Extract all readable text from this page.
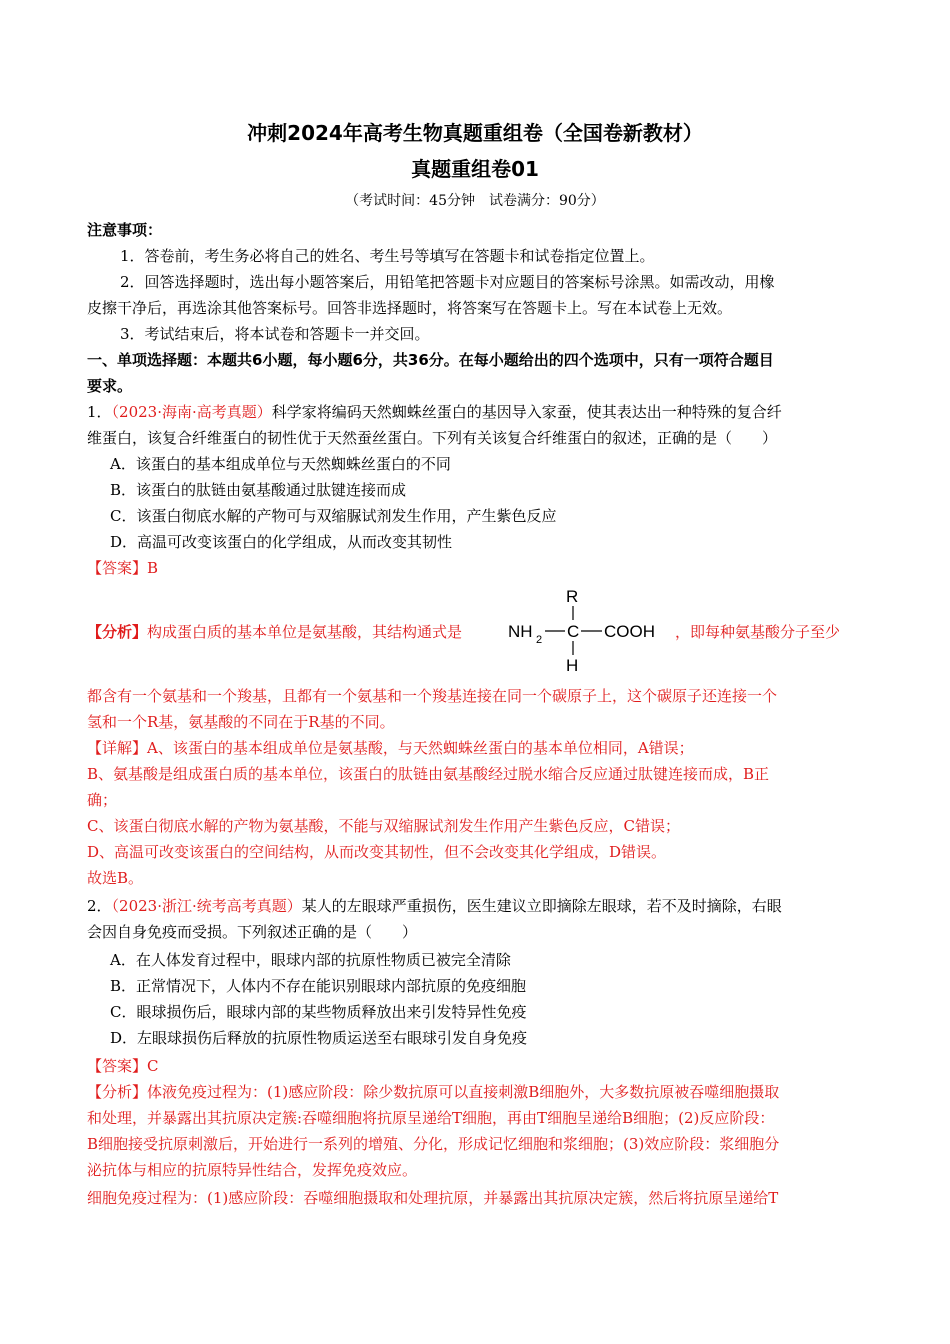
冲刺2024年高考生物真题重组卷（全国卷新教材）
真题重组卷01
（考试时间：45分钟　试卷满分：90分）
注意事项：
1．答卷前，考生务必将自己的姓名、考生号等填写在答题卡和试卷指定位置上。
2．回答选择题时，选出每小题答案后，用铅笔把答题卡对应题目的答案标号涂黑。如需改动，用橡
皮擦干净后，再选涂其他答案标号。回答非选择题时，将答案写在答题卡上。写在本试卷上无效。
3．考试结束后，将本试卷和答题卡一并交回。
一、单项选择题：本题共6小题，每小题6分，共36分。在每小题给出的四个选项中，只有一项符合题目
要求。
1．（2023·海南·高考真题）科学家将编码天然蜘蛛丝蛋白的基因导入家蚕，使其表达出一种特殊的复合纤
维蛋白，该复合纤维蛋白的韧性优于天然蚕丝蛋白。下列有关该复合纤维蛋白的叙述，正确的是（　　）
A．该蛋白的基本组成单位与天然蜘蛛丝蛋白的不同
B．该蛋白的肽链由氨基酸通过肽键连接而成
C．该蛋白彻底水解的产物可与双缩脲试剂发生作用，产生紫色反应
D．高温可改变该蛋白的化学组成，从而改变其韧性
【答案】B
【分析】构成蛋白质的基本单位是氨基酸，其结构通式是	，即每种氨基酸分子至少
R
NH 2 C COOH
H
都含有一个氨基和一个羧基，且都有一个氨基和一个羧基连接在同一个碳原子上，这个碳原子还连接一个
氢和一个R基，氨基酸的不同在于R基的不同。
【详解】A、该蛋白的基本组成单位是氨基酸，与天然蜘蛛丝蛋白的基本单位相同，A错误；
B、氨基酸是组成蛋白质的基本单位，该蛋白的肽链由氨基酸经过脱水缩合反应通过肽键连接而成，B正
确；
C、该蛋白彻底水解的产物为氨基酸，不能与双缩脲试剂发生作用产生紫色反应，C错误；
D、高温可改变该蛋白的空间结构，从而改变其韧性，但不会改变其化学组成，D错误。
故选B。
2．（2023·浙江·统考高考真题）某人的左眼球严重损伤，医生建议立即摘除左眼球，若不及时摘除，右眼
会因自身免疫而受损。下列叙述正确的是（　　）
A．在人体发育过程中，眼球内部的抗原性物质已被完全清除
B．正常情况下，人体内不存在能识别眼球内部抗原的免疫细胞
C．眼球损伤后，眼球内部的某些物质释放出来引发特异性免疫
D．左眼球损伤后释放的抗原性物质运送至右眼球引发自身免疫
【答案】C
【分析】体液免疫过程为：(1)感应阶段：除少数抗原可以直接刺激B细胞外，大多数抗原被吞噬细胞摄取
和处理，并暴露出其抗原决定簇:吞噬细胞将抗原呈递给T细胞，再由T细胞呈递给B细胞；(2)反应阶段：
B细胞接受抗原刺激后，开始进行一系列的增殖、分化，形成记忆细胞和浆细胞；(3)效应阶段：浆细胞分
泌抗体与相应的抗原特异性结合，发挥免疫效应。
细胞免疫过程为：(1)感应阶段：吞噬细胞摄取和处理抗原，并暴露出其抗原决定簇，然后将抗原呈递给T
